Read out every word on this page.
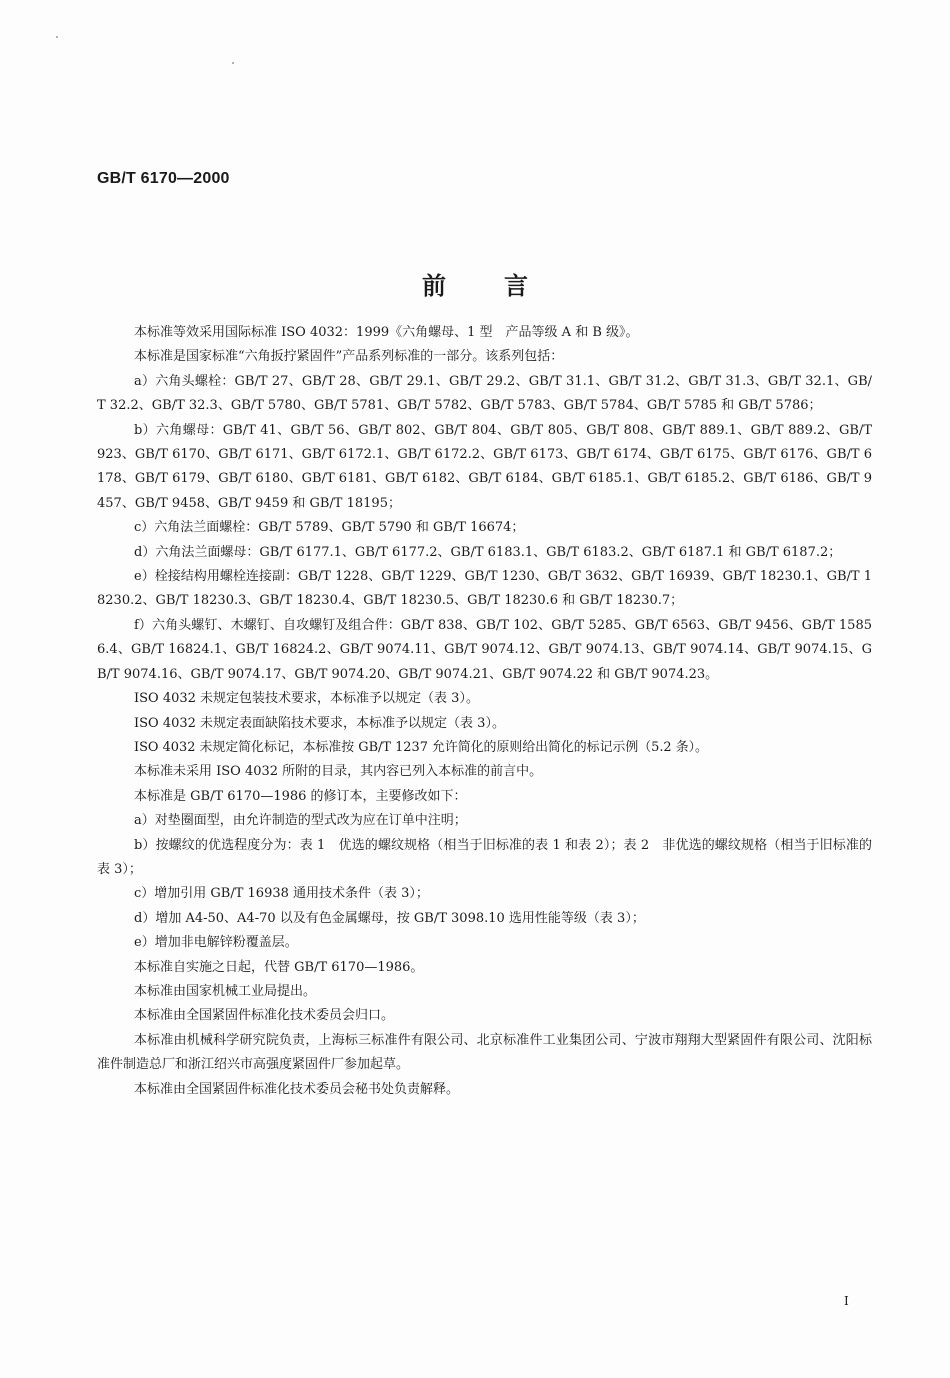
GB/T 6170—2000
前言

本标准等效采用国际标准 ISO 4032：1999《六角螺母、1 型　产品等级 A 和 B 级》。

本标准是国家标准“六角扳拧紧固件”产品系列标准的一部分。该系列包括：

a）六角头螺栓：GB/T 27、GB/T 28、GB/T 29.1、GB/T 29.2、GB/T 31.1、GB/T 31.2、GB/T 31.3、GB/T 32.1、GB/T 32.2、GB/T 32.3、GB/T 5780、GB/T 5781、GB/T 5782、GB/T 5783、GB/T 5784、GB/T 5785 和 GB/T 5786；

b）六角螺母：GB/T 41、GB/T 56、GB/T 802、GB/T 804、GB/T 805、GB/T 808、GB/T 889.1、GB/T 889.2、GB/T 923、GB/T 6170、GB/T 6171、GB/T 6172.1、GB/T 6172.2、GB/T 6173、GB/T 6174、GB/T 6175、GB/T 6176、GB/T 6178、GB/T 6179、GB/T 6180、GB/T 6181、GB/T 6182、GB/T 6184、GB/T 6185.1、GB/T 6185.2、GB/T 6186、GB/T 9457、GB/T 9458、GB/T 9459 和 GB/T 18195；

c）六角法兰面螺栓：GB/T 5789、GB/T 5790 和 GB/T 16674；

d）六角法兰面螺母：GB/T 6177.1、GB/T 6177.2、GB/T 6183.1、GB/T 6183.2、GB/T 6187.1 和 GB/T 6187.2；

e）栓接结构用螺栓连接副：GB/T 1228、GB/T 1229、GB/T 1230、GB/T 3632、GB/T 16939、GB/T 18230.1、GB/T 18230.2、GB/T 18230.3、GB/T 18230.4、GB/T 18230.5、GB/T 18230.6 和 GB/T 18230.7；

f）六角头螺钉、木螺钉、自攻螺钉及组合件：GB/T 838、GB/T 102、GB/T 5285、GB/T 6563、GB/T 9456、GB/T 15856.4、GB/T 16824.1、GB/T 16824.2、GB/T 9074.11、GB/T 9074.12、GB/T 9074.13、GB/T 9074.14、GB/T 9074.15、GB/T 9074.16、GB/T 9074.17、GB/T 9074.20、GB/T 9074.21、GB/T 9074.22 和 GB/T 9074.23。

ISO 4032 未规定包装技术要求，本标准予以规定（表 3）。

ISO 4032 未规定表面缺陷技术要求，本标准予以规定（表 3）。

ISO 4032 未规定简化标记，本标准按 GB/T 1237 允许简化的原则给出简化的标记示例（5.2 条）。

本标准未采用 ISO 4032 所附的目录，其内容已列入本标准的前言中。

本标准是 GB/T 6170—1986 的修订本，主要修改如下：

a）对垫圈面型，由允许制造的型式改为应在订单中注明；

b）按螺纹的优选程度分为：表 1　优选的螺纹规格（相当于旧标准的表 1 和表 2）；表 2　非优选的螺纹规格（相当于旧标准的表 3）；

c）增加引用 GB/T 16938 通用技术条件（表 3）；

d）增加 A4-50、A4-70 以及有色金属螺母，按 GB/T 3098.10 选用性能等级（表 3）；

e）增加非电解锌粉覆盖层。

本标准自实施之日起，代替 GB/T 6170—1986。

本标准由国家机械工业局提出。

本标准由全国紧固件标准化技术委员会归口。

本标准由机械科学研究院负责，上海标三标准件有限公司、北京标准件工业集团公司、宁波市翔翔大型紧固件有限公司、沈阳标准件制造总厂和浙江绍兴市高强度紧固件厂参加起草。

本标准由全国紧固件标准化技术委员会秘书处负责解释。

I
